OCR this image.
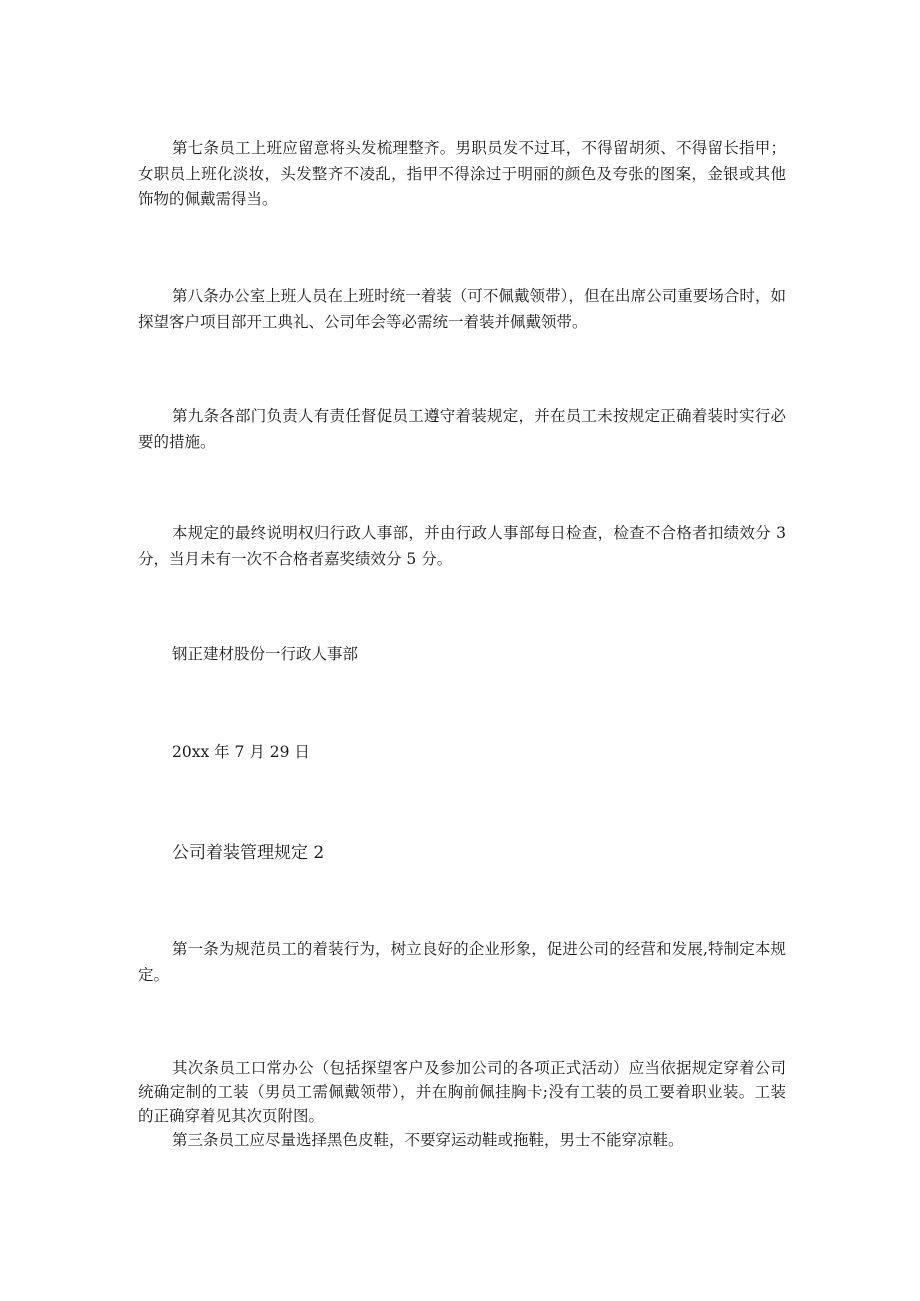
第七条员工上班应留意将头发梳理整齐。男职员发不过耳，不得留胡须、不得留长指甲；女职员上班化淡妆，头发整齐不凌乱，指甲不得涂过于明丽的颜色及夸张的图案，金银或其他饰物的佩戴需得当。

第八条办公室上班人员在上班时统一着装（可不佩戴领带），但在出席公司重要场合时，如探望客户项目部开工典礼、公司年会等必需统一着装并佩戴领带。

第九条各部门负责人有责任督促员工遵守着装规定，并在员工未按规定正确着装时实行必要的措施。

本规定的最终说明权归行政人事部，并由行政人事部每日检查，检查不合格者扣绩效分 3 分，当月未有一次不合格者嘉奖绩效分 5 分。

钢正建材股份一行政人事部

20xx 年 7 月 29 日

公司着装管理规定 2

第一条为规范员工的着装行为，树立良好的企业形象，促进公司的经营和发展,特制定本规定。

其次条员工口常办公（包括探望客户及参加公司的各项正式活动）应当依据规定穿着公司统确定制的工装（男员工需佩戴领带），并在胸前佩挂胸卡;没有工装的员工要着职业装。工装的正确穿着见其次页附图。

第三条员工应尽量选择黑色皮鞋，不要穿运动鞋或拖鞋，男士不能穿凉鞋。
